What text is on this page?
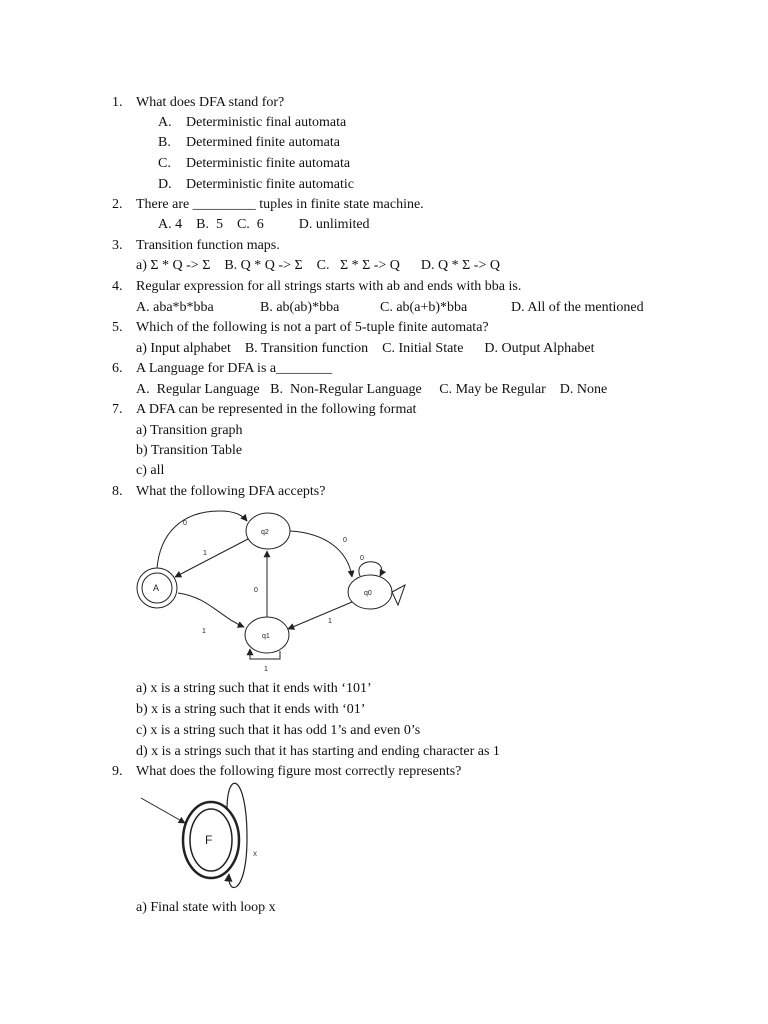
1. What does DFA stand for?
A. Deterministic final automata
B. Determined finite automata
C. Deterministic finite automata
D. Deterministic finite automatic
2. There are _________ tuples in finite state machine.
A. 4    B.  5    C.  6          D. unlimited
3. Transition function maps.
a) Σ * Q -> Σ    B. Q * Q -> Σ    C.   Σ * Σ -> Q      D. Q * Σ -> Q
4. Regular expression for all strings starts with ab and ends with bba is.
A. aba*b*bba	B. ab(ab)*bba	C. ab(a+b)*bba	D. All of the mentioned
5. Which of the following is not a part of 5-tuple finite automata?
a) Input alphabet    B. Transition function    C. Initial State      D. Output Alphabet
6. A Language for DFA is a________
A.  Regular Language   B.  Non-Regular Language     C. May be Regular    D. None
7. A DFA can be represented in the following format
a) Transition graph
b) Transition Table
c) all
8. What the following DFA accepts?
A
q2
q0
q1
0
1
0
0
0
1
1
1
a) x is a string such that it ends with ‘101’
b) x is a string such that it ends with ‘01’
c) x is a string such that it has odd 1’s and even 0’s
d) x is a strings such that it has starting and ending character as 1
9. What does the following figure most correctly represents?
F
x
a) Final state with loop x
